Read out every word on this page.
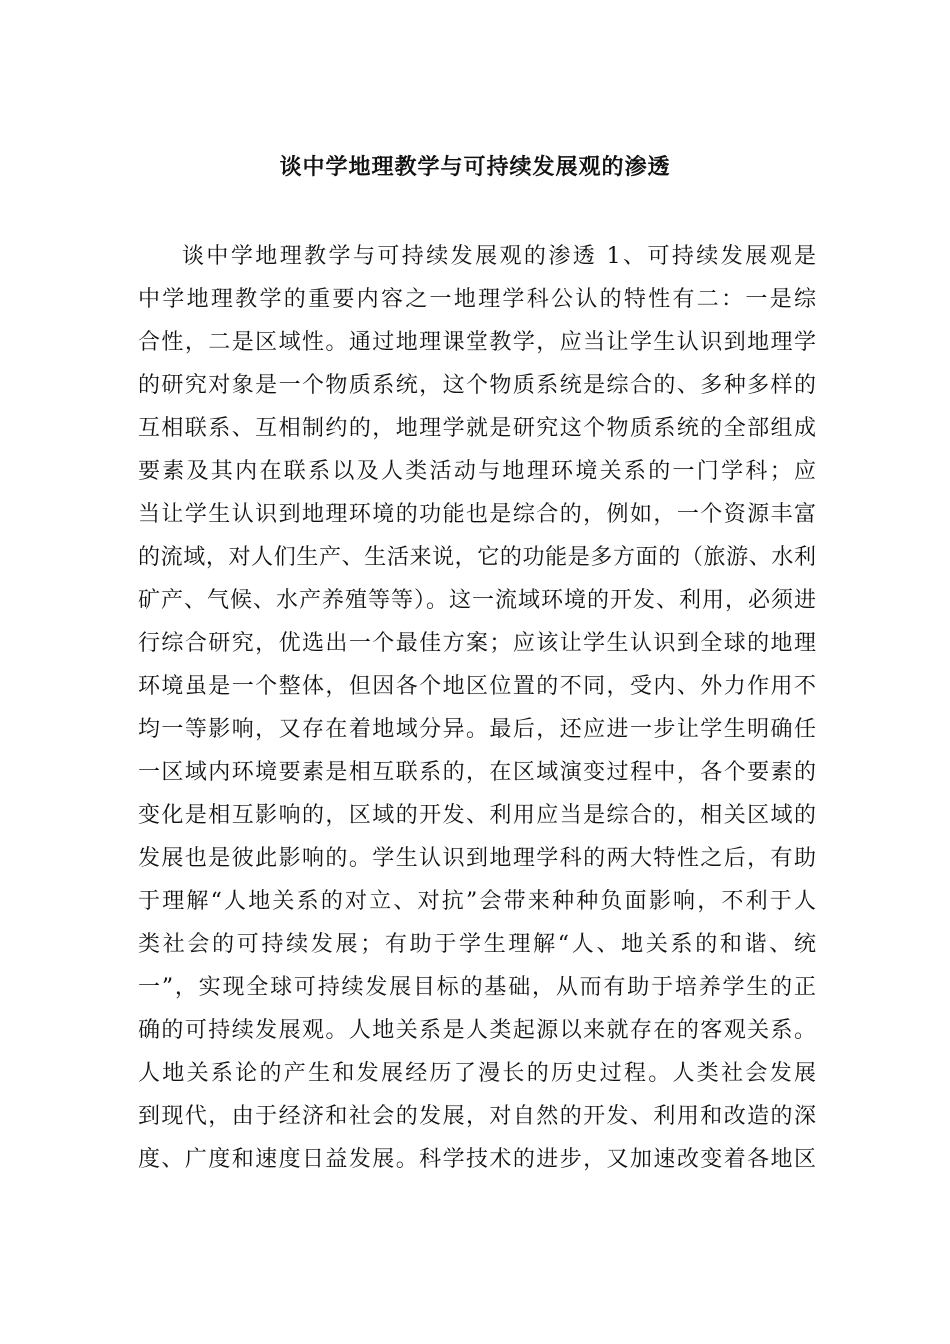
谈中学地理教学与可持续发展观的渗透
谈中学地理教学与可持续发展观的渗透 1、可持续发展观是
中学地理教学的重要内容之一地理学科公认的特性有二：一是综
合性，二是区域性。通过地理课堂教学，应当让学生认识到地理学
的研究对象是一个物质系统，这个物质系统是综合的、多种多样的
互相联系、互相制约的，地理学就是研究这个物质系统的全部组成
要素及其内在联系以及人类活动与地理环境关系的一门学科；应
当让学生认识到地理环境的功能也是综合的，例如，一个资源丰富
的流域，对人们生产、生活来说，它的功能是多方面的（旅游、水利
矿产、气候、水产养殖等等）。这一流域环境的开发、利用，必须进
行综合研究，优选出一个最佳方案；应该让学生认识到全球的地理
环境虽是一个整体，但因各个地区位置的不同，受内、外力作用不
均一等影响，又存在着地域分异。最后，还应进一步让学生明确任
一区域内环境要素是相互联系的，在区域演变过程中，各个要素的
变化是相互影响的，区域的开发、利用应当是综合的，相关区域的
发展也是彼此影响的。学生认识到地理学科的两大特性之后，有助
于理解“人地关系的对立、对抗”会带来种种负面影响，不利于人
类社会的可持续发展；有助于学生理解“人、地关系的和谐、统
一”，实现全球可持续发展目标的基础，从而有助于培养学生的正
确的可持续发展观。人地关系是人类起源以来就存在的客观关系。
人地关系论的产生和发展经历了漫长的历史过程。人类社会发展
到现代，由于经济和社会的发展，对自然的开发、利用和改造的深
度、广度和速度日益发展。科学技术的进步，又加速改变着各地区
